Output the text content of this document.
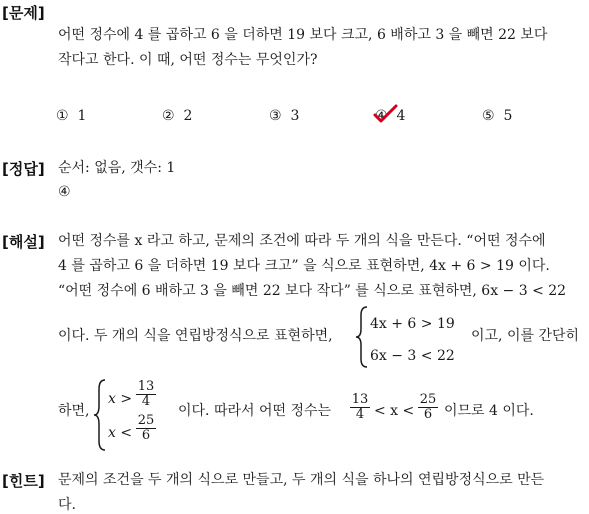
[문제]
어떤 정수에 4 를 곱하고 6 을 더하면 19 보다 크고, 6 배하고 3 을 빼면 22 보다
작다고 한다. 이 때, 어떤 정수는 무엇인가?
① 1	② 2	③ 3	④ 4	⑤ 5
[정답] 순서: 없음, 갯수: 1
④
[해설] 어떤 정수를 x 라고 하고, 문제의 조건에 따라 두 개의 식을 만든다. “어떤 정수에
4 를 곱하고 6 을 더하면 19 보다 크고” 을 식으로 표현하면, 4x + 6 > 19 이다.
“어떤 정수에 6 배하고 3 을 빼면 22 보다 작다” 를 식으로 표현하면, 6x − 3 < 22
이다. 두 개의 식을 연립방정식으로 표현하면,
4x + 6 > 19
6x − 3 < 22
이고, 이를 간단히
하면,
$x > \frac{13}{4}$
$x < \frac{25}{6}$
이다. 따라서 어떤 정수는 $\frac{13}{4} < x < \frac{25}{6}$ 이므로 4 이다.
[힌트] 문제의 조건을 두 개의 식으로 만들고, 두 개의 식을 하나의 연립방정식으로 만든
다.
